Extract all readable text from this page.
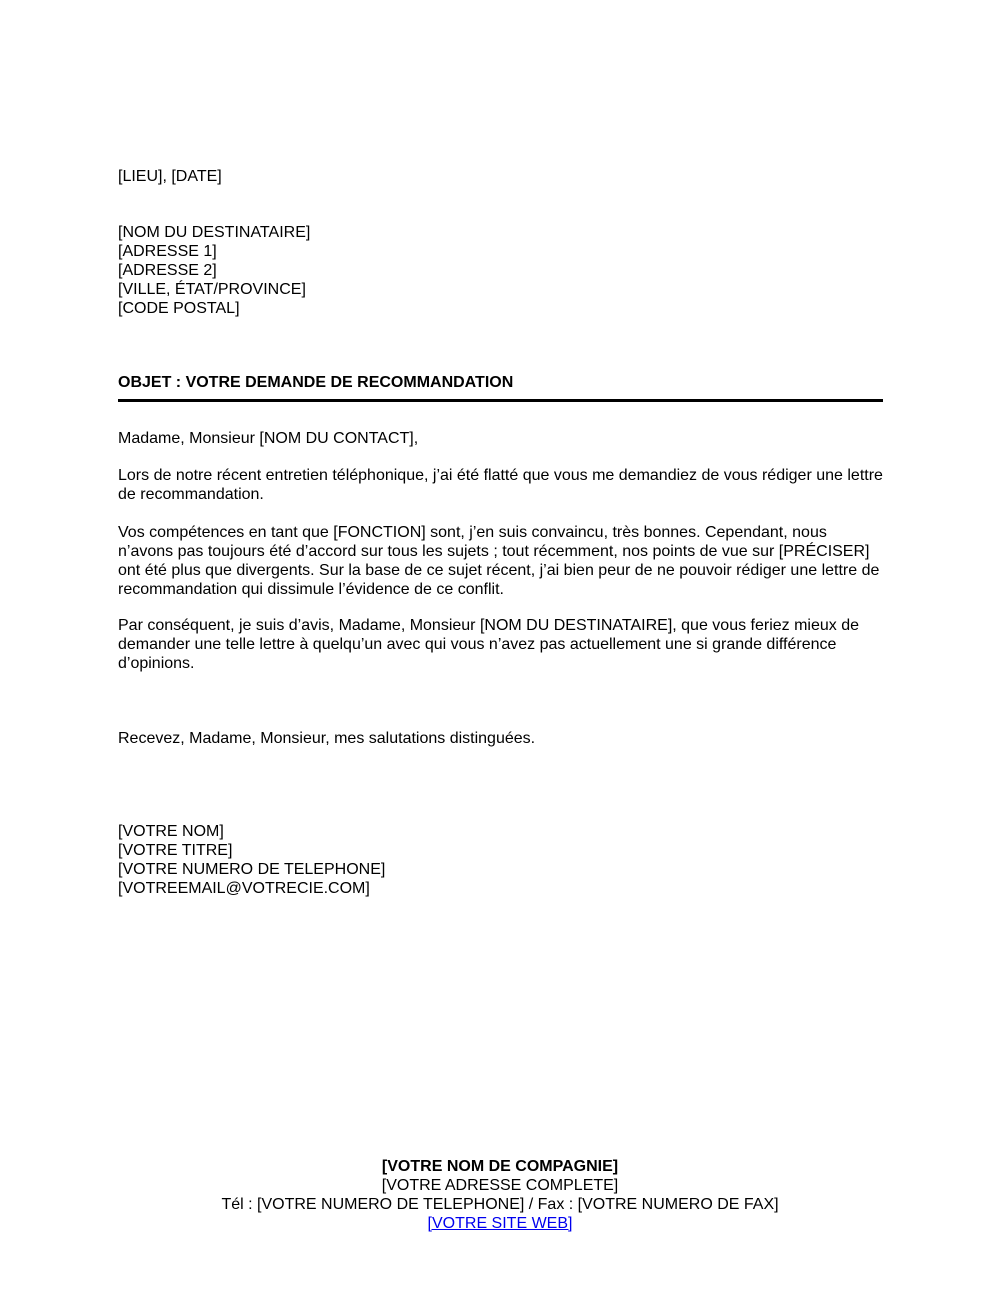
[LIEU], [DATE]
[NOM DU DESTINATAIRE]
[ADRESSE 1]
[ADRESSE 2]
[VILLE, ÉTAT/PROVINCE]
[CODE POSTAL]
OBJET : VOTRE DEMANDE DE RECOMMANDATION
Madame, Monsieur [NOM DU CONTACT],
Lors de notre récent entretien téléphonique, j’ai été flatté que vous me demandiez de vous rédiger une lettre de recommandation.
Vos compétences en tant que [FONCTION] sont, j’en suis convaincu, très bonnes. Cependant, nous n’avons pas toujours été d’accord sur tous les sujets ; tout récemment, nos points de vue sur [PRÉCISER] ont été plus que divergents. Sur la base de ce sujet récent, j’ai bien peur de ne pouvoir rédiger une lettre de recommandation qui dissimule l’évidence de ce conflit.
Par conséquent, je suis d’avis, Madame, Monsieur [NOM DU DESTINATAIRE], que vous feriez mieux de demander une telle lettre à quelqu’un avec qui vous n’avez pas actuellement une si grande différence d’opinions.
Recevez, Madame, Monsieur, mes salutations distinguées.
[VOTRE NOM]
[VOTRE TITRE]
[VOTRE NUMERO DE TELEPHONE]
[VOTREEMAIL@VOTRECIE.COM]
[VOTRE NOM DE COMPAGNIE]
[VOTRE ADRESSE COMPLETE]
Tél : [VOTRE NUMERO DE TELEPHONE] / Fax : [VOTRE NUMERO DE FAX]
[VOTRE SITE WEB]
